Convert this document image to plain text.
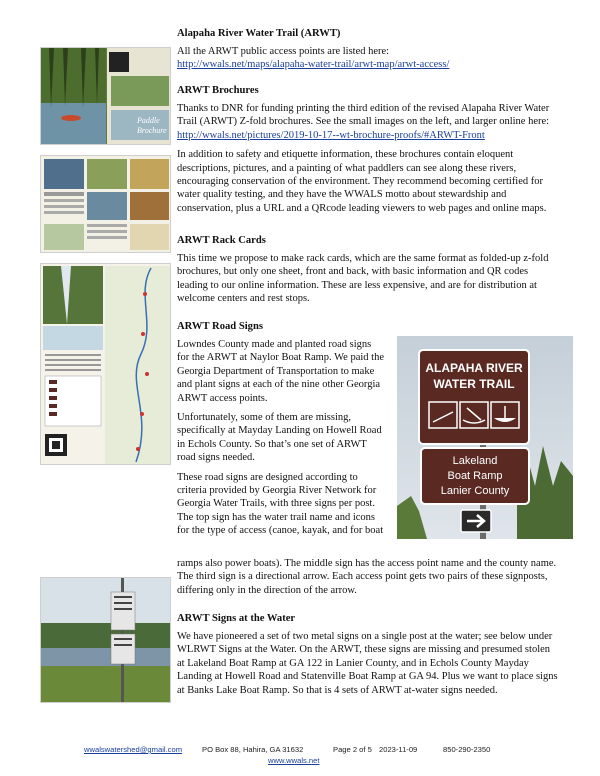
Paddle
Brochure
Alapaha River Water Trail (ARWT)

All the ARWT public access points are listed here:

http://wwals.net/maps/alapaha-water-trail/arwt-map/arwt-access/

ARWT Brochures

Thanks to DNR for funding printing the third edition of the revised Alapaha River Water

Trail (ARWT) Z-fold brochures. See the small images on the left, and larger online here:

http://wwals.net/pictures/2019-10-17--wt-brochure-proofs/#ARWT-Front

In addition to safety and etiquette information, these brochures contain eloquent

descriptions, pictures, and a painting of what paddlers can see along these rivers,

encouraging conservation of the environment. They recommend becoming certified for

water quality testing, and they have the WWALS motto about stewardship and

conservation, plus a URL and a QRcode leading viewers to web pages and online maps.

ARWT Rack Cards

This time we propose to make rack cards, which are the same format as folded-up z-fold

brochures, but only one sheet, front and back, with basic information and QR codes

leading to our online information. These are less expensive, and are for distribution at

welcome centers and rest stops.

ALAPAHA RIVER
WATER TRAIL
Lakeland
Boat Ramp
Lanier County
ARWT Road Signs

Lowndes County made and planted road signs

for the ARWT at Naylor Boat Ramp. We paid the

Georgia Department of Transportation to make

and plant signs at each of the nine other Georgia

ARWT access points.

Unfortunately, some of them are missing,

specifically at Mayday Landing on Howell Road

in Echols County. So that’s one set of ARWT

road signs needed.

These road signs are designed according to

criteria provided by Georgia River Network for

Georgia Water Trails, with three signs per post.

The top sign has the water trail name and icons

for the type of access (canoe, kayak, and for boat

ramps also power boats). The middle sign has the access point name and the county name.

The third sign is a directional arrow. Each access point gets two pairs of these signposts,

differing only in the direction of the arrow.

ARWT Signs at the Water

We have pioneered a set of two metal signs on a single post at the water; see below under

WLRWT Signs at the Water. On the ARWT, these signs are missing and presumed stolen

at Lakeland Boat Ramp at GA 122 in Lanier County, and in Echols County Mayday

Landing at Howell Road and Statenville Boat Ramp at GA 94. Plus we want to place signs

at Banks Lake Boat Ramp. So that is 4 sets of ARWT at-water signs needed.

wwalswatershed@gmail.com	PO Box 88, Hahira, GA 31632	Page 2 of 5 2023-11-09	850-290-2350
www.wwals.net
